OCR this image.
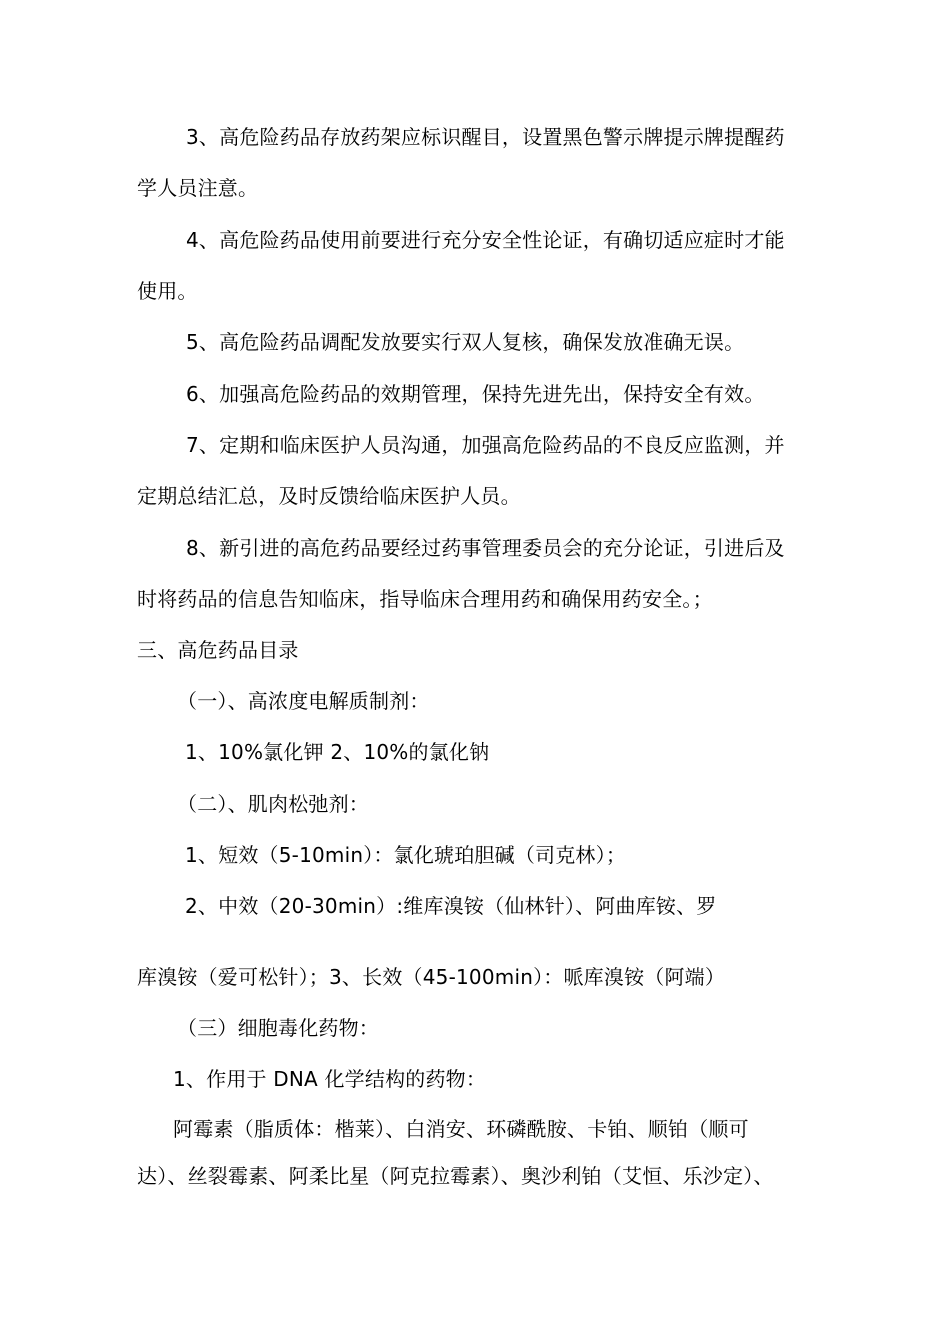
3、高危险药品存放药架应标识醒目，设置黑色警示牌提示牌提醒药
学人员注意。
4、高危险药品使用前要进行充分安全性论证，有确切适应症时才能
使用。
5、高危险药品调配发放要实行双人复核，确保发放准确无误。
6、加强高危险药品的效期管理，保持先进先出，保持安全有效。
7、定期和临床医护人员沟通，加强高危险药品的不良反应监测，并
定期总结汇总，及时反馈给临床医护人员。
8、新引进的高危药品要经过药事管理委员会的充分论证，引进后及
时将药品的信息告知临床，指导临床合理用药和确保用药安全。；
三、高危药品目录
（一）、高浓度电解质制剂：
1、10%氯化钾 2、10%的氯化钠
（二）、肌肉松弛剂：
1、短效（5-10min）：氯化琥珀胆碱（司克林）；
2、中效（20-30min）:维库溴铵（仙林针）、阿曲库铵、罗
库溴铵（爱可松针）；3、长效（45-100min）：哌库溴铵（阿端）
（三）细胞毒化药物：
1、作用于 DNA 化学结构的药物：
阿霉素（脂质体：楷莱）、白消安、环磷酰胺、卡铂、顺铂（顺可
达）、丝裂霉素、阿柔比星（阿克拉霉素）、奥沙利铂（艾恒、乐沙定）、
